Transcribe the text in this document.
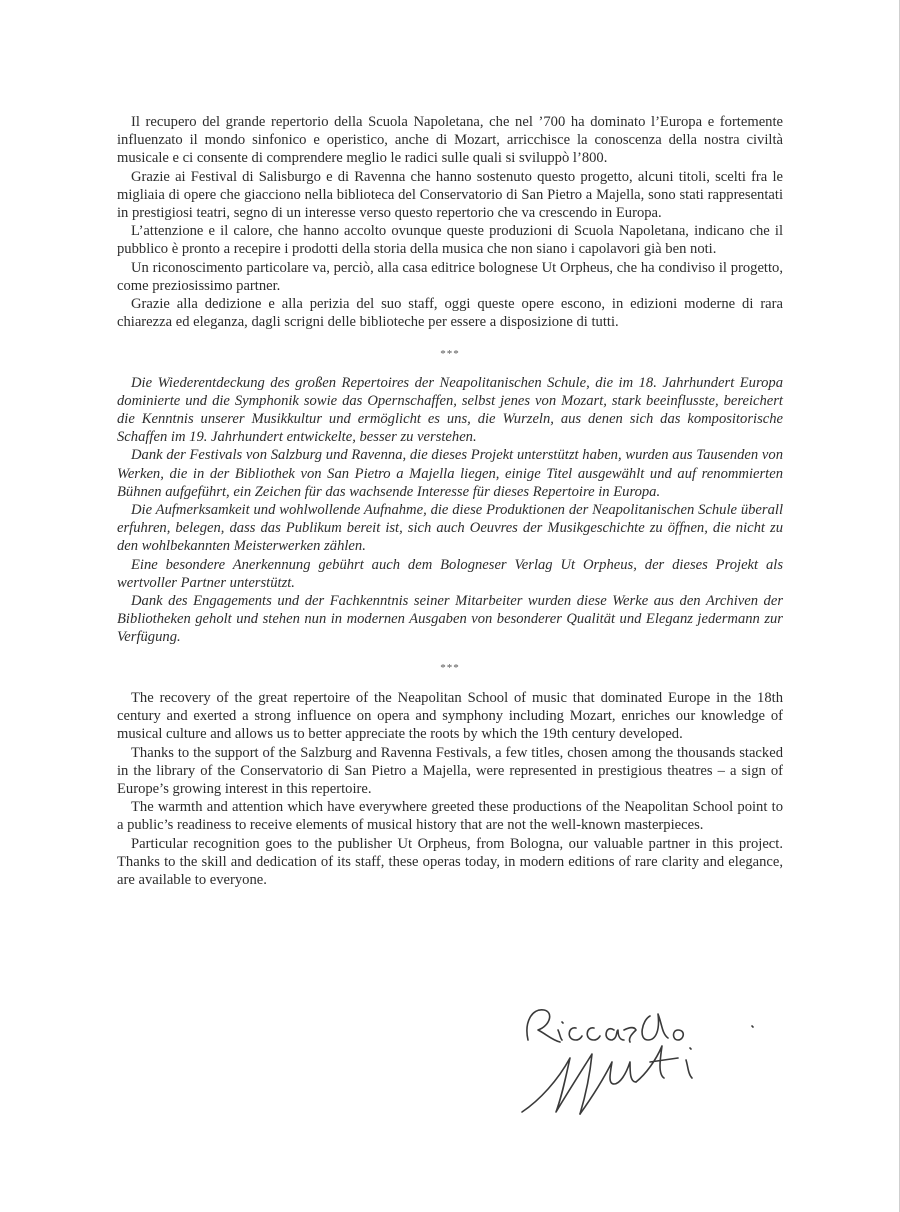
Il recupero del grande repertorio della Scuola Napoletana, che nel ’700 ha dominato l’Europa e fortemente influenzato il mondo sinfonico e operistico, anche di Mozart, arricchisce la conoscenza della nostra civiltà musicale e ci consente di comprendere meglio le radici sulle quali si sviluppò l’800.

Grazie ai Festival di Salisburgo e di Ravenna che hanno sostenuto questo progetto, alcuni titoli, scelti fra le migliaia di opere che giacciono nella biblioteca del Conservatorio di San Pietro a Majella, sono stati rappresentati in prestigiosi teatri, segno di un interesse verso questo repertorio che va crescendo in Europa.

L’attenzione e il calore, che hanno accolto ovunque queste produzioni di Scuola Napoletana, indicano che il pubblico è pronto a recepire i prodotti della storia della musica che non siano i capolavori già ben noti.

Un riconoscimento particolare va, perciò, alla casa editrice bolognese Ut Orpheus, che ha condiviso il progetto, come preziosissimo partner.

Grazie alla dedizione e alla perizia del suo staff, oggi queste opere escono, in edizioni moderne di rara chiarezza ed eleganza, dagli scrigni delle biblioteche per essere a disposizione di tutti.

***

Die Wiederentdeckung des großen Repertoires der Neapolitanischen Schule, die im 18. Jahrhundert Europa dominierte und die Symphonik sowie das Opernschaffen, selbst jenes von Mozart, stark beeinflusste, bereichert die Kenntnis unserer Musikkultur und ermöglicht es uns, die Wurzeln, aus denen sich das kompositorische Schaffen im 19. Jahrhundert entwickelte, besser zu verstehen.

Dank der Festivals von Salzburg und Ravenna, die dieses Projekt unterstützt haben, wurden aus Tausenden von Werken, die in der Bibliothek von San Pietro a Majella liegen, einige Titel ausgewählt und auf renommierten Bühnen aufgeführt, ein Zeichen für das wachsende Interesse für dieses Repertoire in Europa.

Die Aufmerksamkeit und wohlwollende Aufnahme, die diese Produktionen der Neapolitanischen Schule überall erfuhren, belegen, dass das Publikum bereit ist, sich auch Oeuvres der Musikgeschichte zu öffnen, die nicht zu den wohlbekannten Meisterwerken zählen.

Eine besondere Anerkennung gebührt auch dem Bologneser Verlag Ut Orpheus, der dieses Projekt als wertvoller Partner unterstützt.

Dank des Engagements und der Fachkenntnis seiner Mitarbeiter wurden diese Werke aus den Archiven der Bibliotheken geholt und stehen nun in modernen Ausgaben von besonderer Qualität und Eleganz jedermann zur Verfügung.

***

The recovery of the great repertoire of the Neapolitan School of music that dominated Europe in the 18th century and exerted a strong influence on opera and symphony including Mozart, enriches our knowledge of musical culture and allows us to better appreciate the roots by which the 19th century developed.

Thanks to the support of the Salzburg and Ravenna Festivals, a few titles, chosen among the thousands stacked in the library of the Conservatorio di San Pietro a Majella, were represented in prestigious theatres – a sign of Europe’s growing interest in this repertoire.

The warmth and attention which have everywhere greeted these productions of the Neapolitan School point to a public’s readiness to receive elements of musical history that are not the well-known masterpieces.

Particular recognition goes to the publisher Ut Orpheus, from Bologna, our valuable partner in this project. Thanks to the skill and dedication of its staff, these operas today, in modern editions of rare clarity and elegance, are available to everyone.
